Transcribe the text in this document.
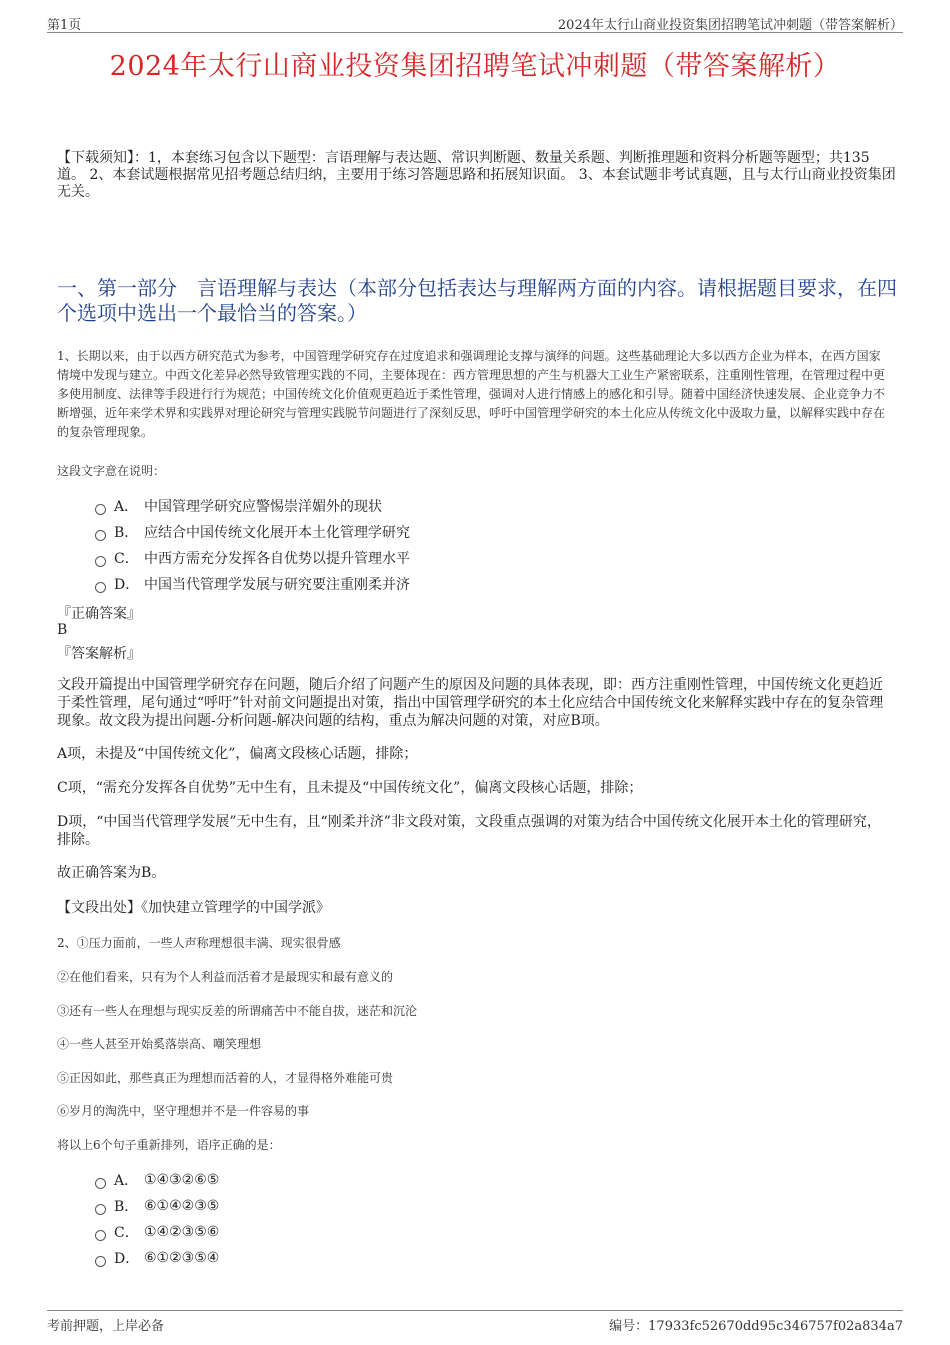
第1页	2024年太行山商业投资集团招聘笔试冲刺题（带答案解析）
2024年太行山商业投资集团招聘笔试冲刺题（带答案解析）
【下载须知】：1，本套练习包含以下题型：言语理解与表达题、常识判断题、数量关系题、判断推理题和资料分析题等题型；共135道。 2、本套试题根据常见招考题总结归纳，主要用于练习答题思路和拓展知识面。 3、本套试题非考试真题，且与太行山商业投资集团无关。
一、第一部分　言语理解与表达（本部分包括表达与理解两方面的内容。请根据题目要求，在四个选项中选出一个最恰当的答案。）
1、长期以来，由于以西方研究范式为参考，中国管理学研究存在过度追求和强调理论支撑与演绎的问题。这些基础理论大多以西方企业为样本，在西方国家情境中发现与建立。中西文化差异必然导致管理实践的不同，主要体现在：西方管理思想的产生与机器大工业生产紧密联系，注重刚性管理，在管理过程中更多使用制度、法律等手段进行行为规范；中国传统文化价值观更趋近于柔性管理，强调对人进行情感上的感化和引导。随着中国经济快速发展、企业竞争力不断增强，近年来学术界和实践界对理论研究与管理实践脱节问题进行了深刻反思，呼吁中国管理学研究的本土化应从传统文化中汲取力量，以解释实践中存在的复杂管理现象。
这段文字意在说明：
A． 中国管理学研究应警惕崇洋媚外的现状
B． 应结合中国传统文化展开本土化管理学研究
C． 中西方需充分发挥各自优势以提升管理水平
D． 中国当代管理学发展与研究要注重刚柔并济
『正确答案』
B
『答案解析』
文段开篇提出中国管理学研究存在问题，随后介绍了问题产生的原因及问题的具体表现，即：西方注重刚性管理，中国传统文化更趋近于柔性管理，尾句通过“呼吁”针对前文问题提出对策，指出中国管理学研究的本土化应结合中国传统文化来解释实践中存在的复杂管理现象。故文段为提出问题-分析问题-解决问题的结构，重点为解决问题的对策，对应B项。
A项，未提及“中国传统文化”，偏离文段核心话题，排除；
C项，“需充分发挥各自优势”无中生有，且未提及“中国传统文化”，偏离文段核心话题，排除；
D项，“中国当代管理学发展”无中生有，且“刚柔并济”非文段对策，文段重点强调的对策为结合中国传统文化展开本土化的管理研究，排除。
故正确答案为B。
【文段出处】《加快建立管理学的中国学派》
2、①压力面前，一些人声称理想很丰满、现实很骨感
②在他们看来，只有为个人利益而活着才是最现实和最有意义的
③还有一些人在理想与现实反差的所谓痛苦中不能自拔，迷茫和沉沦
④一些人甚至开始奚落崇高、嘲笑理想
⑤正因如此，那些真正为理想而活着的人，才显得格外难能可贵
⑥岁月的淘洗中，坚守理想并不是一件容易的事
将以上6个句子重新排列，语序正确的是：
A． ①④③②⑥⑤
B． ⑥①④②③⑤
C． ①④②③⑤⑥
D． ⑥①②③⑤④
考前押题，上岸必备	编号：17933fc52670dd95c346757f02a834a7
